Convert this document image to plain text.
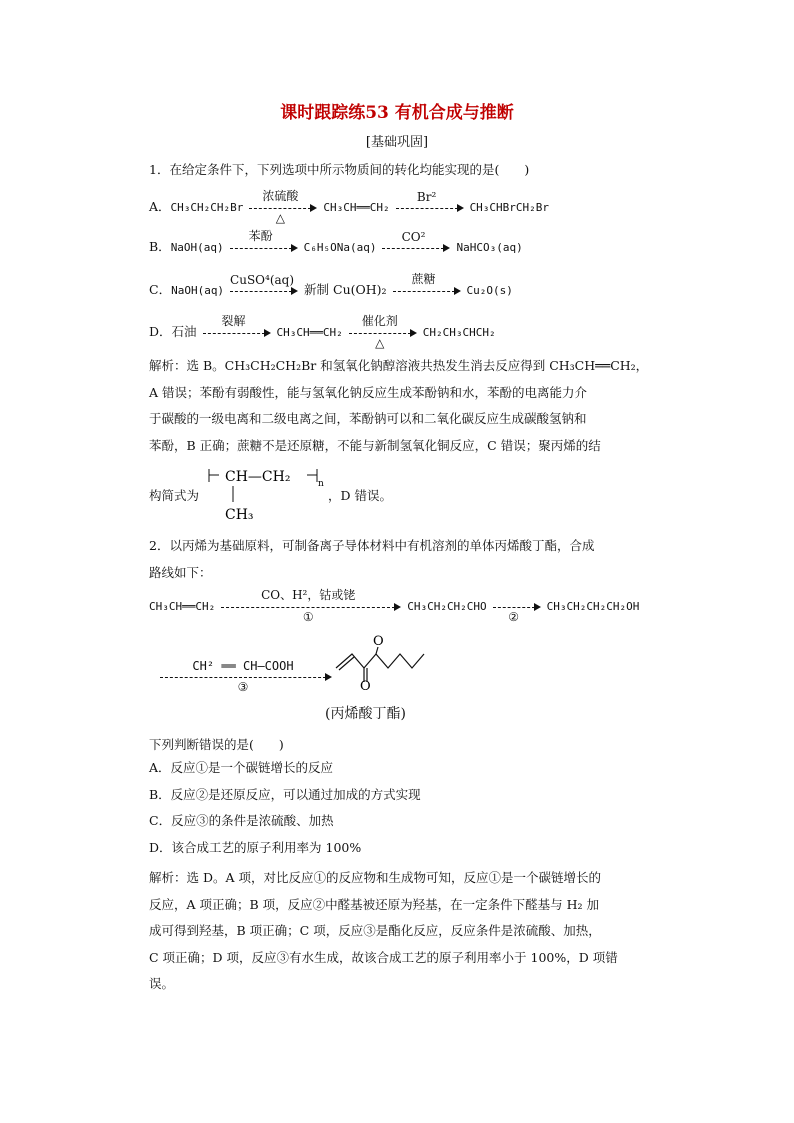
课时跟踪练53 有机合成与推断
[基础巩固]
1．在给定条件下，下列选项中所示物质间的转化均能实现的是(　　)
A．CH₃CH₂CH₂Br
浓硫酸
△
CH₃CH══CH₂
Br²
CH₃CHBrCH₂Br
B．NaOH(aq)
苯酚
C₆H₅ONa(aq)
CO²
NaHCO₃(aq)
C．NaOH(aq)
CuSO⁴(aq)
新制 Cu(OH)₂
蔗糖
Cu₂O(s)
D．石油
裂解
CH₃CH══CH₂
催化剂
△
CH₂CH₃CHCH₂
解析：选 B。CH₃CH₂CH₂Br 和氢氧化钠醇溶液共热发生消去反应得到 CH₃CH══CH₂，
A 错误；苯酚有弱酸性，能与氢氧化钠反应生成苯酚钠和水，苯酚的电离能力介
于碳酸的一级电离和二级电离之间，苯酚钠可以和二氧化碳反应生成碳酸氢钠和
苯酚，B 正确；蔗糖不是还原糖，不能与新制氢氧化铜反应，C 错误；聚丙烯的结
构简式为
CH—CH₂	n
CH₃
，D 错误。
2．以丙烯为基础原料，可制备离子导体材料中有机溶剂的单体丙烯酸丁酯，合成
路线如下：
CH₃CH══CH₂
CO、H²，钴或铑
①
CH₃CH₂CH₂CHO
②
CH₃CH₂CH₂CH₂OH
CH² ══ CH—COOH
③
O
O
(丙烯酸丁酯)
下列判断错误的是(　　)
A．反应①是一个碳链增长的反应
B．反应②是还原反应，可以通过加成的方式实现
C．反应③的条件是浓硫酸、加热
D．该合成工艺的原子利用率为 100%
解析：选 D。A 项，对比反应①的反应物和生成物可知，反应①是一个碳链增长的
反应，A 项正确；B 项，反应②中醛基被还原为羟基，在一定条件下醛基与 H₂ 加
成可得到羟基，B 项正确；C 项，反应③是酯化反应，反应条件是浓硫酸、加热，
C 项正确；D 项，反应③有水生成，故该合成工艺的原子利用率小于 100%，D 项错
误。
